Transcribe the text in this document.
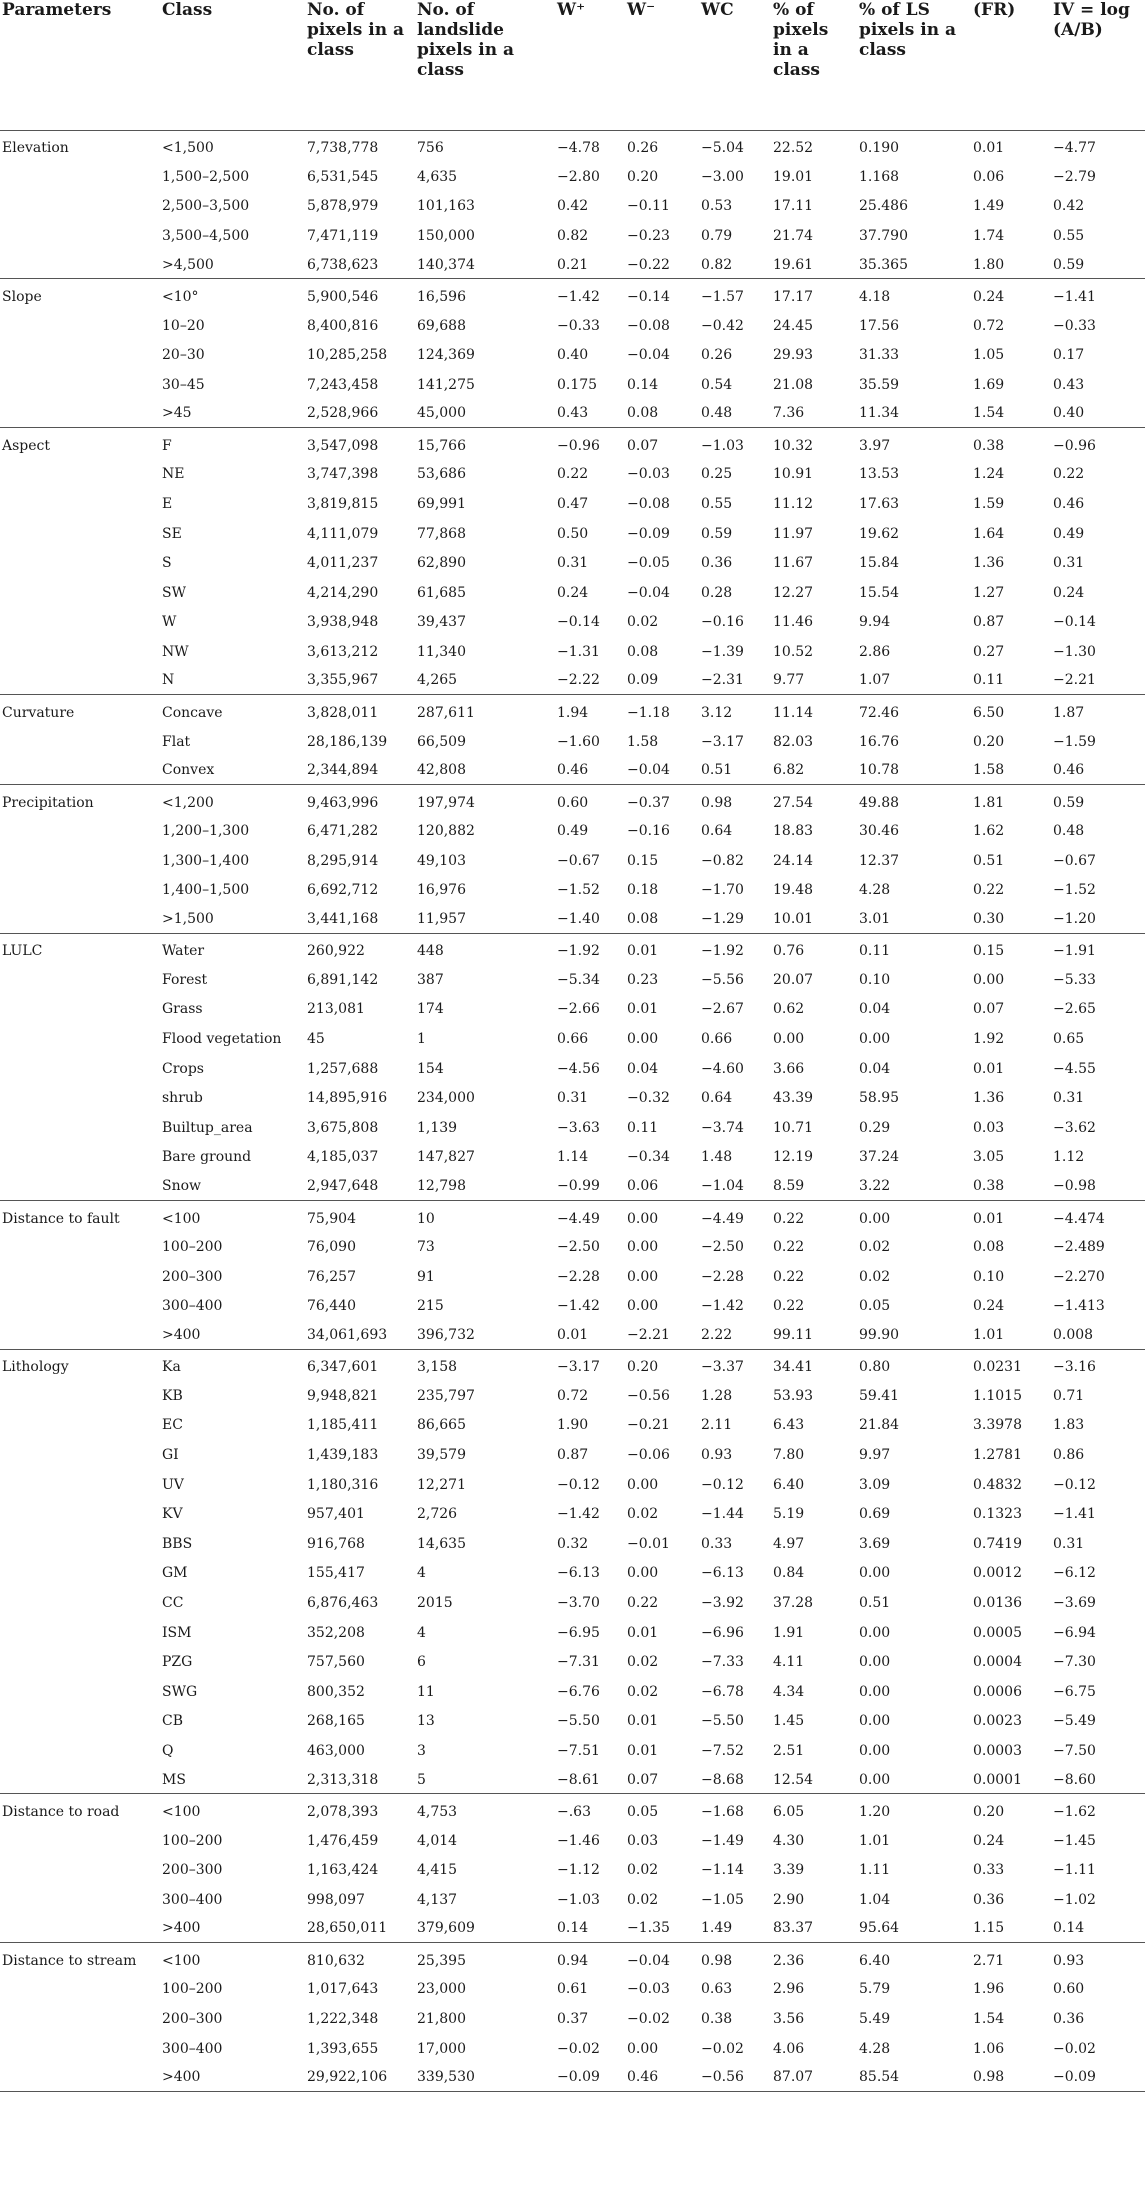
Parameters	Class	No. of pixels in a class	No. of landslide pixels in a class	W⁺	W⁻	WC	% of pixels in a class	% of LS pixels in a class	(FR)	IV = log (A/B)
Elevation	<1,500	7,738,778	756	−4.78	0.26	−5.04	22.52	0.190	0.01	−4.77
	1,500–2,500	6,531,545	4,635	−2.80	0.20	−3.00	19.01	1.168	0.06	−2.79
	2,500–3,500	5,878,979	101,163	0.42	−0.11	0.53	17.11	25.486	1.49	0.42
	3,500–4,500	7,471,119	150,000	0.82	−0.23	0.79	21.74	37.790	1.74	0.55
	>4,500	6,738,623	140,374	0.21	−0.22	0.82	19.61	35.365	1.80	0.59
Slope	<10°	5,900,546	16,596	−1.42	−0.14	−1.57	17.17	4.18	0.24	−1.41
	10–20	8,400,816	69,688	−0.33	−0.08	−0.42	24.45	17.56	0.72	−0.33
	20–30	10,285,258	124,369	0.40	−0.04	0.26	29.93	31.33	1.05	0.17
	30–45	7,243,458	141,275	0.175	0.14	0.54	21.08	35.59	1.69	0.43
	>45	2,528,966	45,000	0.43	0.08	0.48	7.36	11.34	1.54	0.40
Aspect	F	3,547,098	15,766	−0.96	0.07	−1.03	10.32	3.97	0.38	−0.96
	NE	3,747,398	53,686	0.22	−0.03	0.25	10.91	13.53	1.24	0.22
	E	3,819,815	69,991	0.47	−0.08	0.55	11.12	17.63	1.59	0.46
	SE	4,111,079	77,868	0.50	−0.09	0.59	11.97	19.62	1.64	0.49
	S	4,011,237	62,890	0.31	−0.05	0.36	11.67	15.84	1.36	0.31
	SW	4,214,290	61,685	0.24	−0.04	0.28	12.27	15.54	1.27	0.24
	W	3,938,948	39,437	−0.14	0.02	−0.16	11.46	9.94	0.87	−0.14
	NW	3,613,212	11,340	−1.31	0.08	−1.39	10.52	2.86	0.27	−1.30
	N	3,355,967	4,265	−2.22	0.09	−2.31	9.77	1.07	0.11	−2.21
Curvature	Concave	3,828,011	287,611	1.94	−1.18	3.12	11.14	72.46	6.50	1.87
	Flat	28,186,139	66,509	−1.60	1.58	−3.17	82.03	16.76	0.20	−1.59
	Convex	2,344,894	42,808	0.46	−0.04	0.51	6.82	10.78	1.58	0.46
Precipitation	<1,200	9,463,996	197,974	0.60	−0.37	0.98	27.54	49.88	1.81	0.59
	1,200–1,300	6,471,282	120,882	0.49	−0.16	0.64	18.83	30.46	1.62	0.48
	1,300–1,400	8,295,914	49,103	−0.67	0.15	−0.82	24.14	12.37	0.51	−0.67
	1,400–1,500	6,692,712	16,976	−1.52	0.18	−1.70	19.48	4.28	0.22	−1.52
	>1,500	3,441,168	11,957	−1.40	0.08	−1.29	10.01	3.01	0.30	−1.20
LULC	Water	260,922	448	−1.92	0.01	−1.92	0.76	0.11	0.15	−1.91
	Forest	6,891,142	387	−5.34	0.23	−5.56	20.07	0.10	0.00	−5.33
	Grass	213,081	174	−2.66	0.01	−2.67	0.62	0.04	0.07	−2.65
	Flood vegetation	45	1	0.66	0.00	0.66	0.00	0.00	1.92	0.65
	Crops	1,257,688	154	−4.56	0.04	−4.60	3.66	0.04	0.01	−4.55
	shrub	14,895,916	234,000	0.31	−0.32	0.64	43.39	58.95	1.36	0.31
	Builtup_area	3,675,808	1,139	−3.63	0.11	−3.74	10.71	0.29	0.03	−3.62
	Bare ground	4,185,037	147,827	1.14	−0.34	1.48	12.19	37.24	3.05	1.12
	Snow	2,947,648	12,798	−0.99	0.06	−1.04	8.59	3.22	0.38	−0.98
Distance to fault	<100	75,904	10	−4.49	0.00	−4.49	0.22	0.00	0.01	−4.474
	100–200	76,090	73	−2.50	0.00	−2.50	0.22	0.02	0.08	−2.489
	200–300	76,257	91	−2.28	0.00	−2.28	0.22	0.02	0.10	−2.270
	300–400	76,440	215	−1.42	0.00	−1.42	0.22	0.05	0.24	−1.413
	>400	34,061,693	396,732	0.01	−2.21	2.22	99.11	99.90	1.01	0.008
Lithology	Ka	6,347,601	3,158	−3.17	0.20	−3.37	34.41	0.80	0.0231	−3.16
	KB	9,948,821	235,797	0.72	−0.56	1.28	53.93	59.41	1.1015	0.71
	EC	1,185,411	86,665	1.90	−0.21	2.11	6.43	21.84	3.3978	1.83
	GI	1,439,183	39,579	0.87	−0.06	0.93	7.80	9.97	1.2781	0.86
	UV	1,180,316	12,271	−0.12	0.00	−0.12	6.40	3.09	0.4832	−0.12
	KV	957,401	2,726	−1.42	0.02	−1.44	5.19	0.69	0.1323	−1.41
	BBS	916,768	14,635	0.32	−0.01	0.33	4.97	3.69	0.7419	0.31
	GM	155,417	4	−6.13	0.00	−6.13	0.84	0.00	0.0012	−6.12
	CC	6,876,463	2015	−3.70	0.22	−3.92	37.28	0.51	0.0136	−3.69
	ISM	352,208	4	−6.95	0.01	−6.96	1.91	0.00	0.0005	−6.94
	PZG	757,560	6	−7.31	0.02	−7.33	4.11	0.00	0.0004	−7.30
	SWG	800,352	11	−6.76	0.02	−6.78	4.34	0.00	0.0006	−6.75
	CB	268,165	13	−5.50	0.01	−5.50	1.45	0.00	0.0023	−5.49
	Q	463,000	3	−7.51	0.01	−7.52	2.51	0.00	0.0003	−7.50
	MS	2,313,318	5	−8.61	0.07	−8.68	12.54	0.00	0.0001	−8.60
Distance to road	<100	2,078,393	4,753	−.63	0.05	−1.68	6.05	1.20	0.20	−1.62
	100–200	1,476,459	4,014	−1.46	0.03	−1.49	4.30	1.01	0.24	−1.45
	200–300	1,163,424	4,415	−1.12	0.02	−1.14	3.39	1.11	0.33	−1.11
	300–400	998,097	4,137	−1.03	0.02	−1.05	2.90	1.04	0.36	−1.02
	>400	28,650,011	379,609	0.14	−1.35	1.49	83.37	95.64	1.15	0.14
Distance to stream	<100	810,632	25,395	0.94	−0.04	0.98	2.36	6.40	2.71	0.93
	100–200	1,017,643	23,000	0.61	−0.03	0.63	2.96	5.79	1.96	0.60
	200–300	1,222,348	21,800	0.37	−0.02	0.38	3.56	5.49	1.54	0.36
	300–400	1,393,655	17,000	−0.02	0.00	−0.02	4.06	4.28	1.06	−0.02
	>400	29,922,106	339,530	−0.09	0.46	−0.56	87.07	85.54	0.98	−0.09
